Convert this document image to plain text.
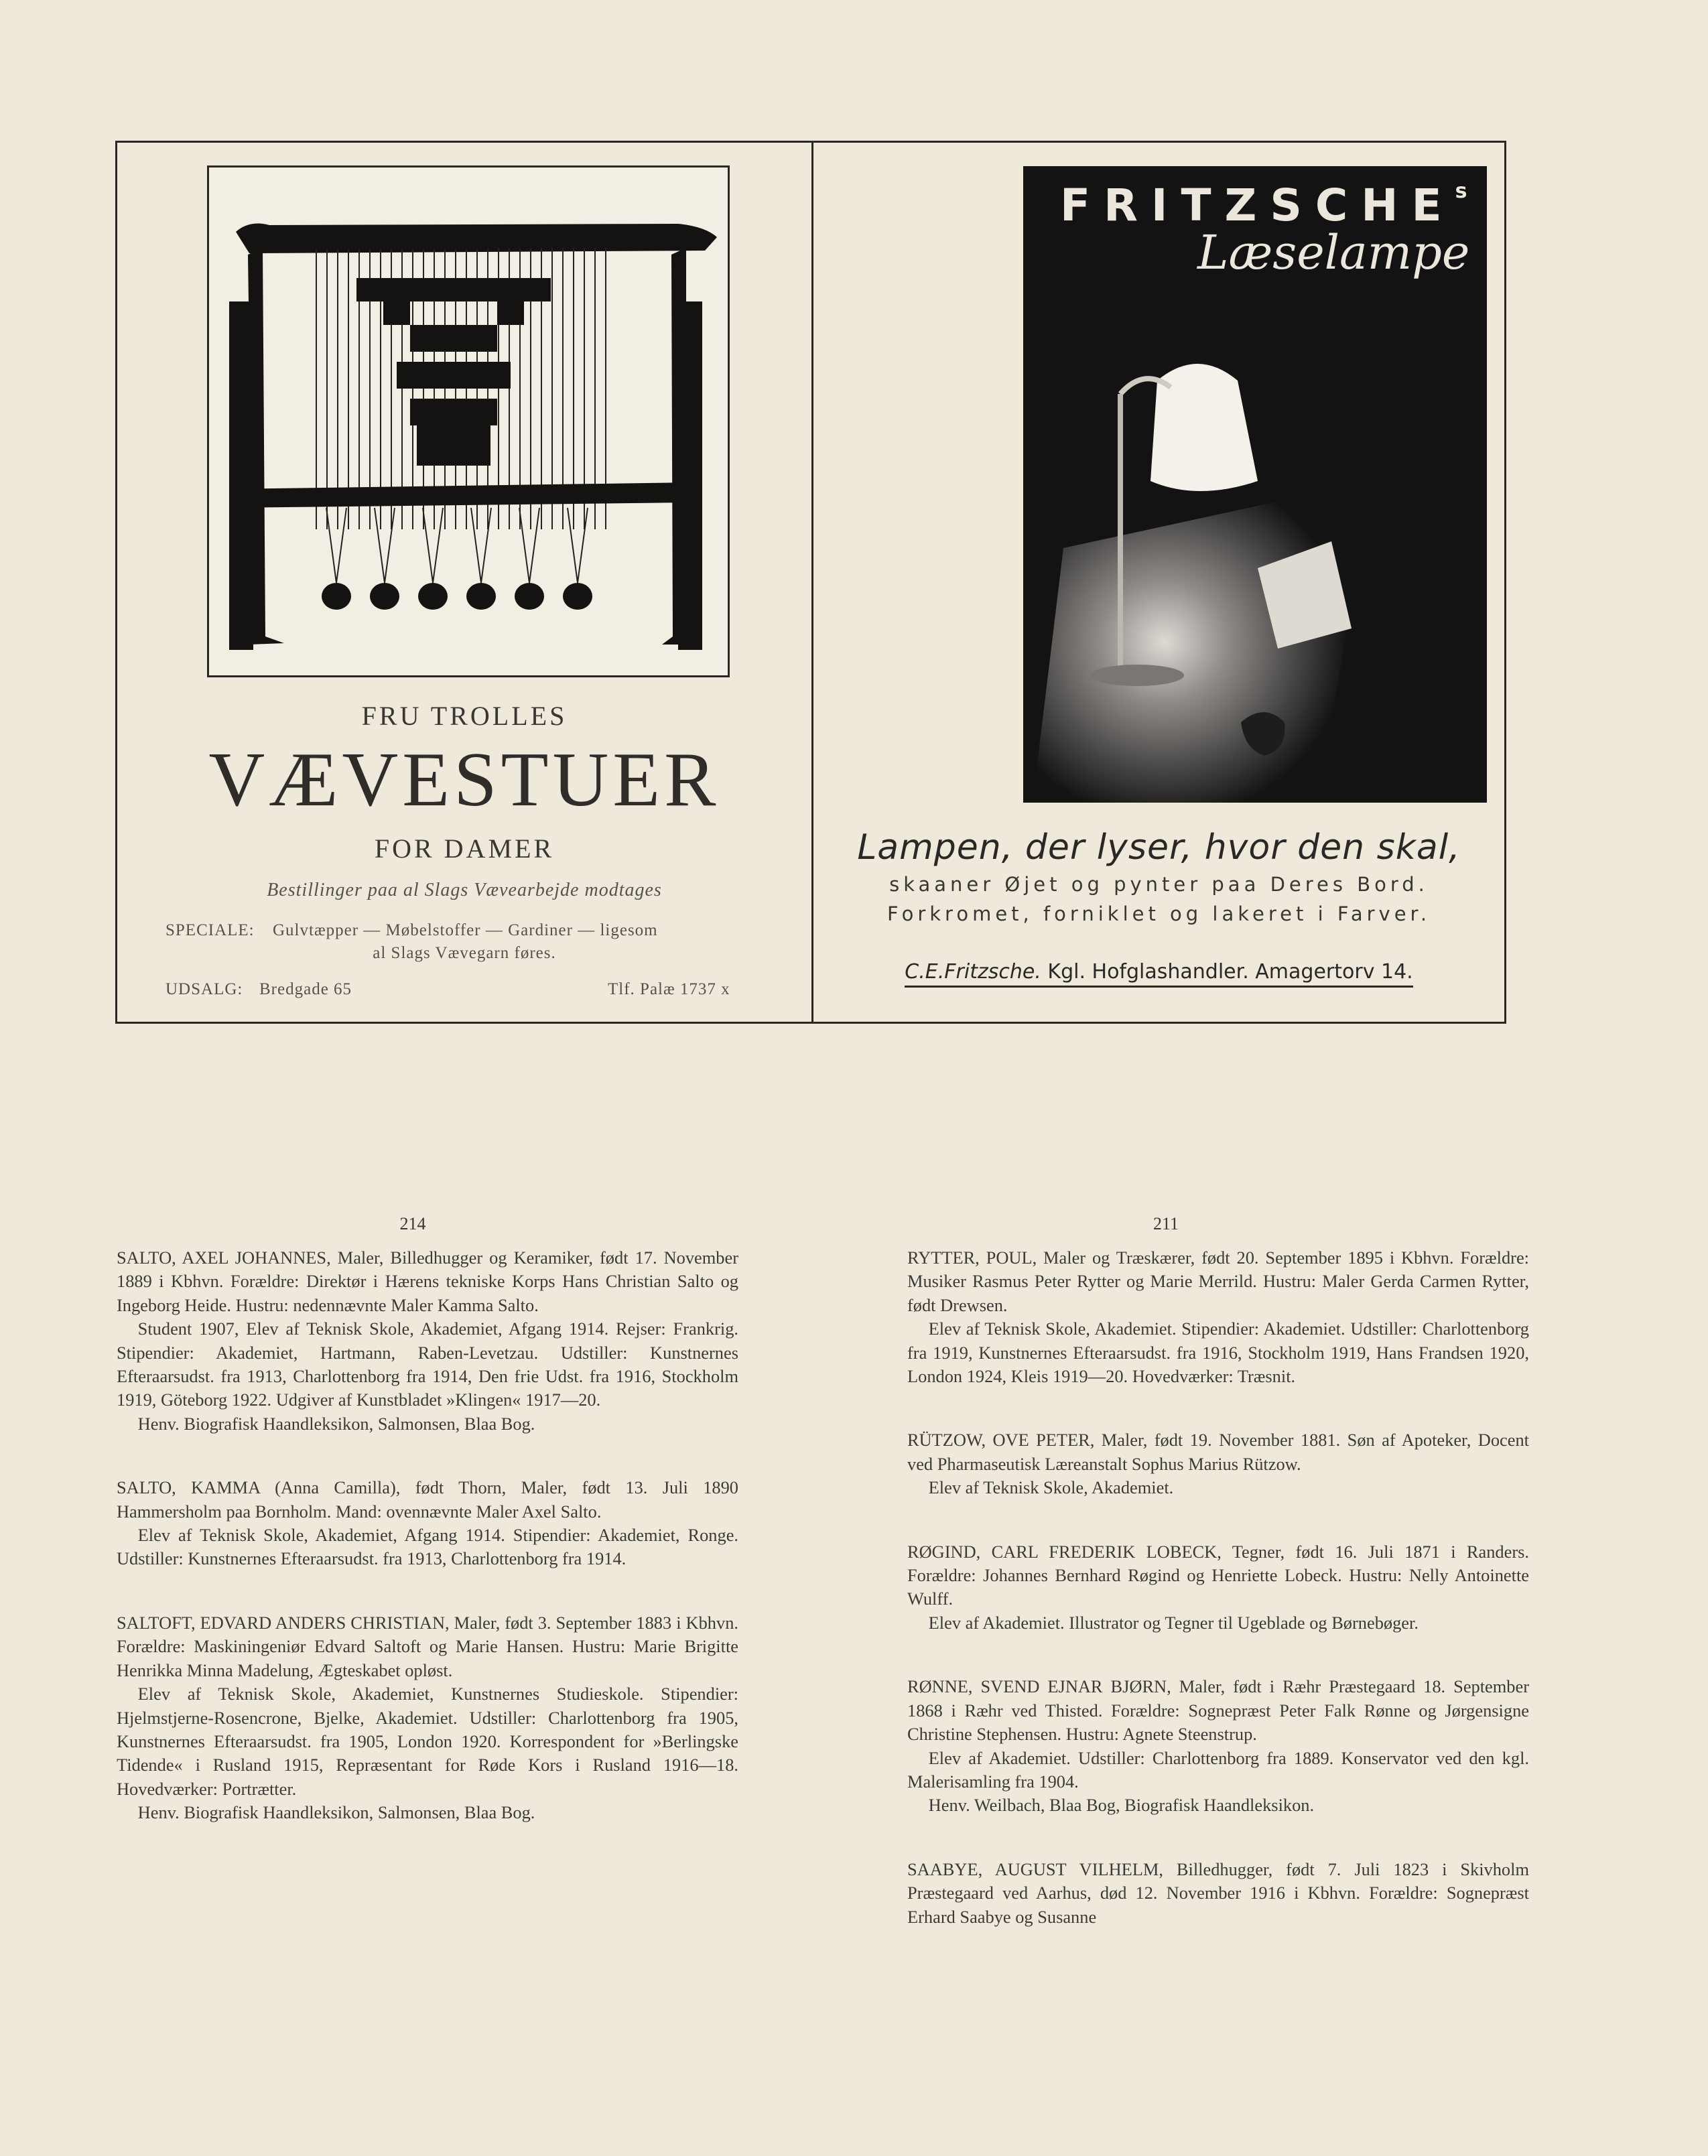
FRU TROLLES
VÆVESTUER
FOR DAMER
Bestillinger paa al Slags Vævearbejde modtages
SPECIALE: Gulvtæpper — Møbelstoffer — Gardiner — ligesom
al Slags Vævegarn føres.
UDSALG: Bredgade 65	Tlf. Palæ 1737 x
FRITZSCHE$^s$
Læselampe
Lampen, der lyser, hvor den skal,
skaaner Øjet og pynter paa Deres Bord.
Forkromet, forniklet og lakeret i Farver.
C.E.Fritzsche. Kgl. Hofglashandler. Amagertorv 14.
214	211

SALTO, AXEL JOHANNES, Maler, Billedhugger og Keramiker, født 17. November 1889 i Kbhvn. Forældre: Direktør i Hærens tekniske Korps Hans Christian Salto og Ingeborg Heide. Hustru: nedennævnte Maler Kamma Salto.

Student 1907, Elev af Teknisk Skole, Akademiet, Afgang 1914. Rejser: Frankrig. Stipendier: Akademiet, Hartmann, Raben-Levetzau. Udstiller: Kunstnernes Efteraarsudst. fra 1913, Charlottenborg fra 1914, Den frie Udst. fra 1916, Stockholm 1919, Göteborg 1922. Udgiver af Kunstbladet »Klingen« 1917—20.

Henv. Biografisk Haandleksikon, Salmonsen, Blaa Bog.

SALTO, KAMMA (Anna Camilla), født Thorn, Maler, født 13. Juli 1890 Hammersholm paa Bornholm. Mand: ovennævnte Maler Axel Salto.

Elev af Teknisk Skole, Akademiet, Afgang 1914. Stipendier: Akademiet, Ronge. Udstiller: Kunstnernes Efteraarsudst. fra 1913, Charlottenborg fra 1914.

SALTOFT, EDVARD ANDERS CHRISTIAN, Maler, født 3. September 1883 i Kbhvn. Forældre: Maskiningeniør Edvard Saltoft og Marie Hansen. Hustru: Marie Brigitte Henrikka Minna Madelung, Ægteskabet opløst.

Elev af Teknisk Skole, Akademiet, Kunstnernes Studieskole. Stipendier: Hjelmstjerne-Rosencrone, Bjelke, Akademiet. Udstiller: Charlottenborg fra 1905, Kunstnernes Efteraarsudst. fra 1905, London 1920. Korrespondent for »Berlingske Tidende« i Rusland 1915, Repræsentant for Røde Kors i Rusland 1916—18. Hovedværker: Portrætter.

Henv. Biografisk Haandleksikon, Salmonsen, Blaa Bog.

RYTTER, POUL, Maler og Træskærer, født 20. September 1895 i Kbhvn. Forældre: Musiker Rasmus Peter Rytter og Marie Merrild. Hustru: Maler Gerda Carmen Rytter, født Drewsen.

Elev af Teknisk Skole, Akademiet. Stipendier: Akademiet. Udstiller: Charlottenborg fra 1919, Kunstnernes Efteraarsudst. fra 1916, Stockholm 1919, Hans Frandsen 1920, London 1924, Kleis 1919—20. Hovedværker: Træsnit.

RÜTZOW, OVE PETER, Maler, født 19. November 1881. Søn af Apoteker, Docent ved Pharmaseutisk Læreanstalt Sophus Marius Rützow.

Elev af Teknisk Skole, Akademiet.

RØGIND, CARL FREDERIK LOBECK, Tegner, født 16. Juli 1871 i Randers. Forældre: Johannes Bernhard Røgind og Henriette Lobeck. Hustru: Nelly Antoinette Wulff.

Elev af Akademiet. Illustrator og Tegner til Ugeblade og Børnebøger.

RØNNE, SVEND EJNAR BJØRN, Maler, født i Ræhr Præstegaard 18. September 1868 i Ræhr ved Thisted. Forældre: Sognepræst Peter Falk Rønne og Jørgensigne Christine Stephensen. Hustru: Agnete Steenstrup.

Elev af Akademiet. Udstiller: Charlottenborg fra 1889. Konservator ved den kgl. Malerisamling fra 1904.

Henv. Weilbach, Blaa Bog, Biografisk Haandleksikon.

SAABYE, AUGUST VILHELM, Billedhugger, født 7. Juli 1823 i Skivholm Præstegaard ved Aarhus, død 12. November 1916 i Kbhvn. Forældre: Sognepræst Erhard Saabye og Susanne
